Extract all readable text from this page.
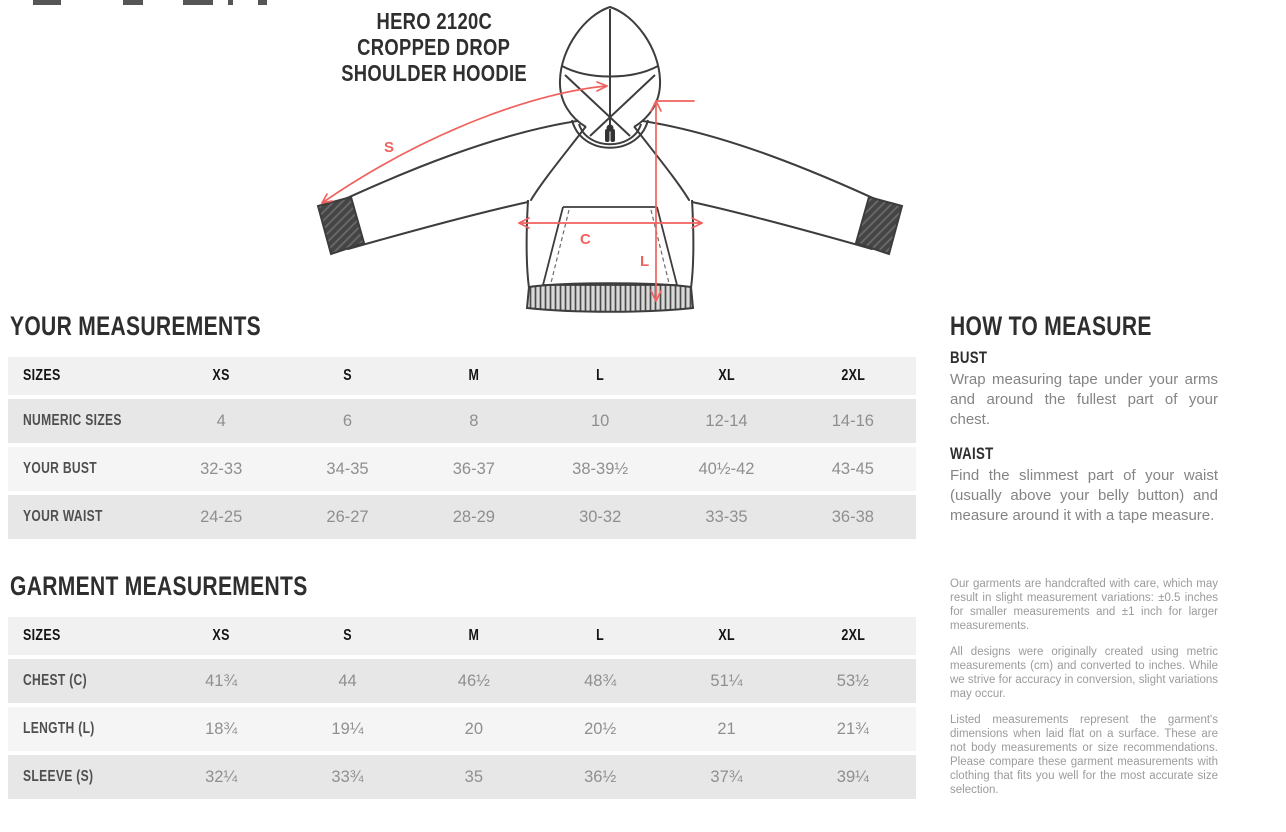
HERO 2120C
CROPPED DROP
SHOULDER HOODIE
S
C
L
YOUR MEASUREMENTS
SIZES	XS	S	M	L	XL	2XL
NUMERIC SIZES	4	6	8	10	12-14	14-16
YOUR BUST	32-33	34-35	36-37	38-39½	40½-42	43-45
YOUR WAIST	24-25	26-27	28-29	30-32	33-35	36-38
GARMENT MEASUREMENTS
SIZES	XS	S	M	L	XL	2XL
CHEST (C)	41¾	44	46½	48¾	51¼	53½
LENGTH (L)	18¾	19¼	20	20½	21	21¾
SLEEVE (S)	32¼	33¾	35	36½	37¾	39¼
HOW TO MEASURE
BUST

Wrap measuring tape under your arms and around the fullest part of your chest.

WAIST

Find the slimmest part of your waist (usually above your belly button) and measure around it with a tape measure.

Our garments are handcrafted with care, which may result in slight measurement variations: ±0.5 inches for smaller measurements and ±1 inch for larger measurements.

All designs were originally created using metric measurements (cm) and converted to inches. While we strive for accuracy in conversion, slight variations may occur.

Listed measurements represent the garment's dimensions when laid flat on a surface. These are not body measurements or size recommendations. Please compare these garment measurements with clothing that fits you well for the most accurate size selection.
